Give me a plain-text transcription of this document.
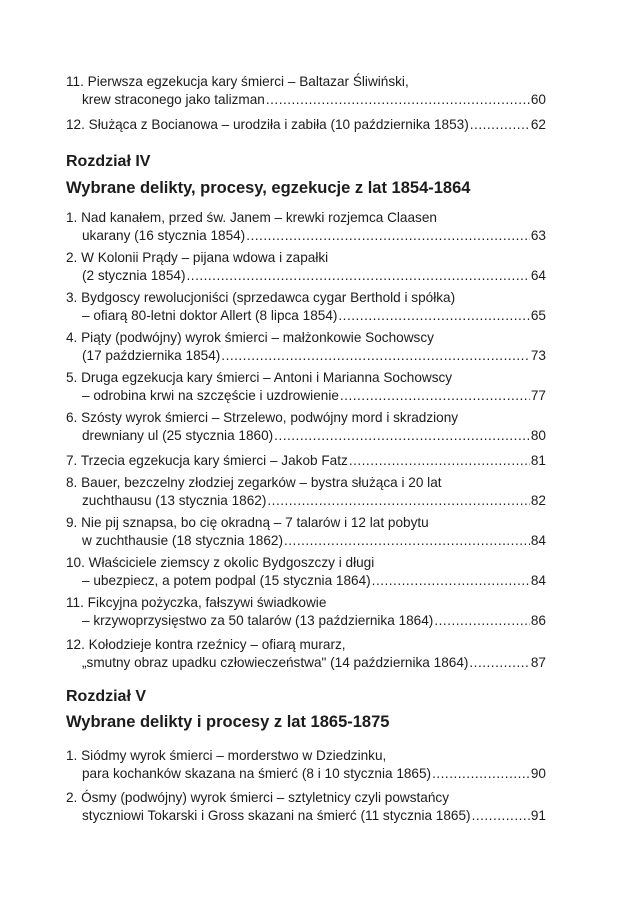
11. Pierwsza egzekucja kary śmierci – Baltazar Śliwiński,
krew straconego jako talizman .....	60
12. Służąca z Bocianowa – urodziła i zabiła (10 października 1853) .....	62
Rozdział IV
Wybrane delikty, procesy, egzekucje z lat 1854-1864
1. Nad kanałem, przed św. Janem – krewki rozjemca Claasen
ukarany (16 stycznia 1854) .....	63
2. W Kolonii Prądy – pijana wdowa i zapałki
(2 stycznia 1854) .....	64
3. Bydgoscy rewolucjoniści (sprzedawca cygar Berthold i spółka)
– ofiarą 80-letni doktor Allert (8 lipca 1854) .....	65
4. Piąty (podwójny) wyrok śmierci – małżonkowie Sochowscy
(17 października 1854) .....	73
5. Druga egzekucja kary śmierci – Antoni i Marianna Sochowscy
– odrobina krwi na szczęście i uzdrowienie .....	77
6. Szósty wyrok śmierci – Strzelewo, podwójny mord i skradziony
drewniany ul (25 stycznia 1860) .....	80
7. Trzecia egzekucja kary śmierci – Jakob Fatz .....	81
8. Bauer, bezczelny złodziej zegarków – bystra służąca i 20 lat
zuchthausu (13 stycznia 1862) .....	82
9. Nie pij sznapsa, bo cię okradną – 7 talarów i 12 lat pobytu
w zuchthausie (18 stycznia 1862) .....	84
10. Właściciele ziemscy z okolic Bydgoszczy i długi
– ubezpiecz, a potem podpal (15 stycznia 1864) .....	84
11. Fikcyjna pożyczka, fałszywi świadkowie
– krzywoprzysięstwo za 50 talarów (13 października 1864) .....	86
12. Kołodzieje kontra rzeźnicy – ofiarą murarz,
„smutny obraz upadku człowieczeństwa" (14 października 1864) .....	87
Rozdział V
Wybrane delikty i procesy z lat 1865-1875
1. Siódmy wyrok śmierci – morderstwo w Dziedzinku,
para kochanków skazana na śmierć (8 i 10 stycznia 1865) .....	90
2. Ósmy (podwójny) wyrok śmierci – sztyletnicy czyli powstańcy
styczniowi Tokarski i Gross skazani na śmierć (11 stycznia 1865) .....	91
